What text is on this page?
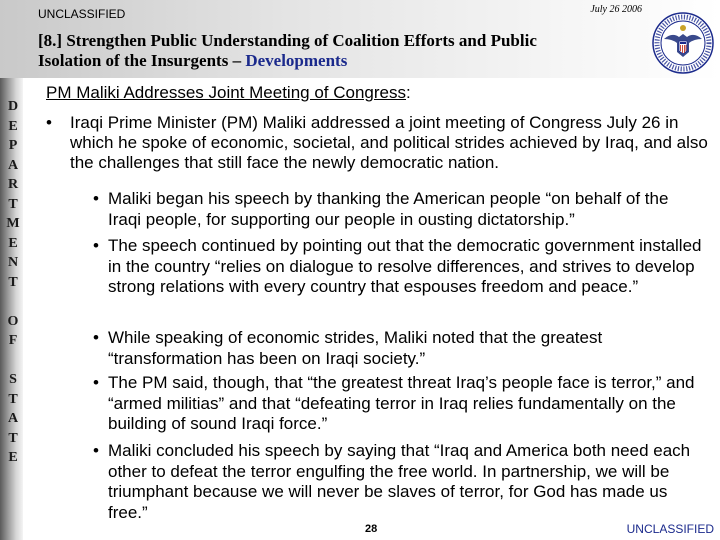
UNCLASSIFIED	July 26 2006
[8.] Strengthen Public Understanding of Coalition Efforts and Public Isolation of the Insurgents – Developments
D
E
P
A
R
T
M
E
N
T
O
F
S
T
A
T
E
PM Maliki Addresses Joint Meeting of Congress:
• Iraqi Prime Minister (PM) Maliki addressed a joint meeting of Congress July 26 in which he spoke of economic, societal, and political strides achieved by Iraq, and also the challenges that still face the newly democratic nation.
• Maliki began his speech by thanking the American people “on behalf of the Iraqi people, for supporting our people in ousting dictatorship.”
• The speech continued by pointing out that the democratic government installed in the country “relies on dialogue to resolve differences, and strives to develop strong relations with every country that espouses freedom and peace.”
• While speaking of economic strides, Maliki noted that the greatest “transformation has been on Iraqi society.”
• The PM said, though, that “the greatest threat Iraq’s people face is terror,” and “armed militias” and that “defeating terror in Iraq relies fundamentally on the building of sound Iraqi force.”
• Maliki concluded his speech by saying that “Iraq and America both need each other to defeat the terror engulfing the free world. In partnership, we will be triumphant because we will never be slaves of terror, for God has made us free.”
28	UNCLASSIFIED
